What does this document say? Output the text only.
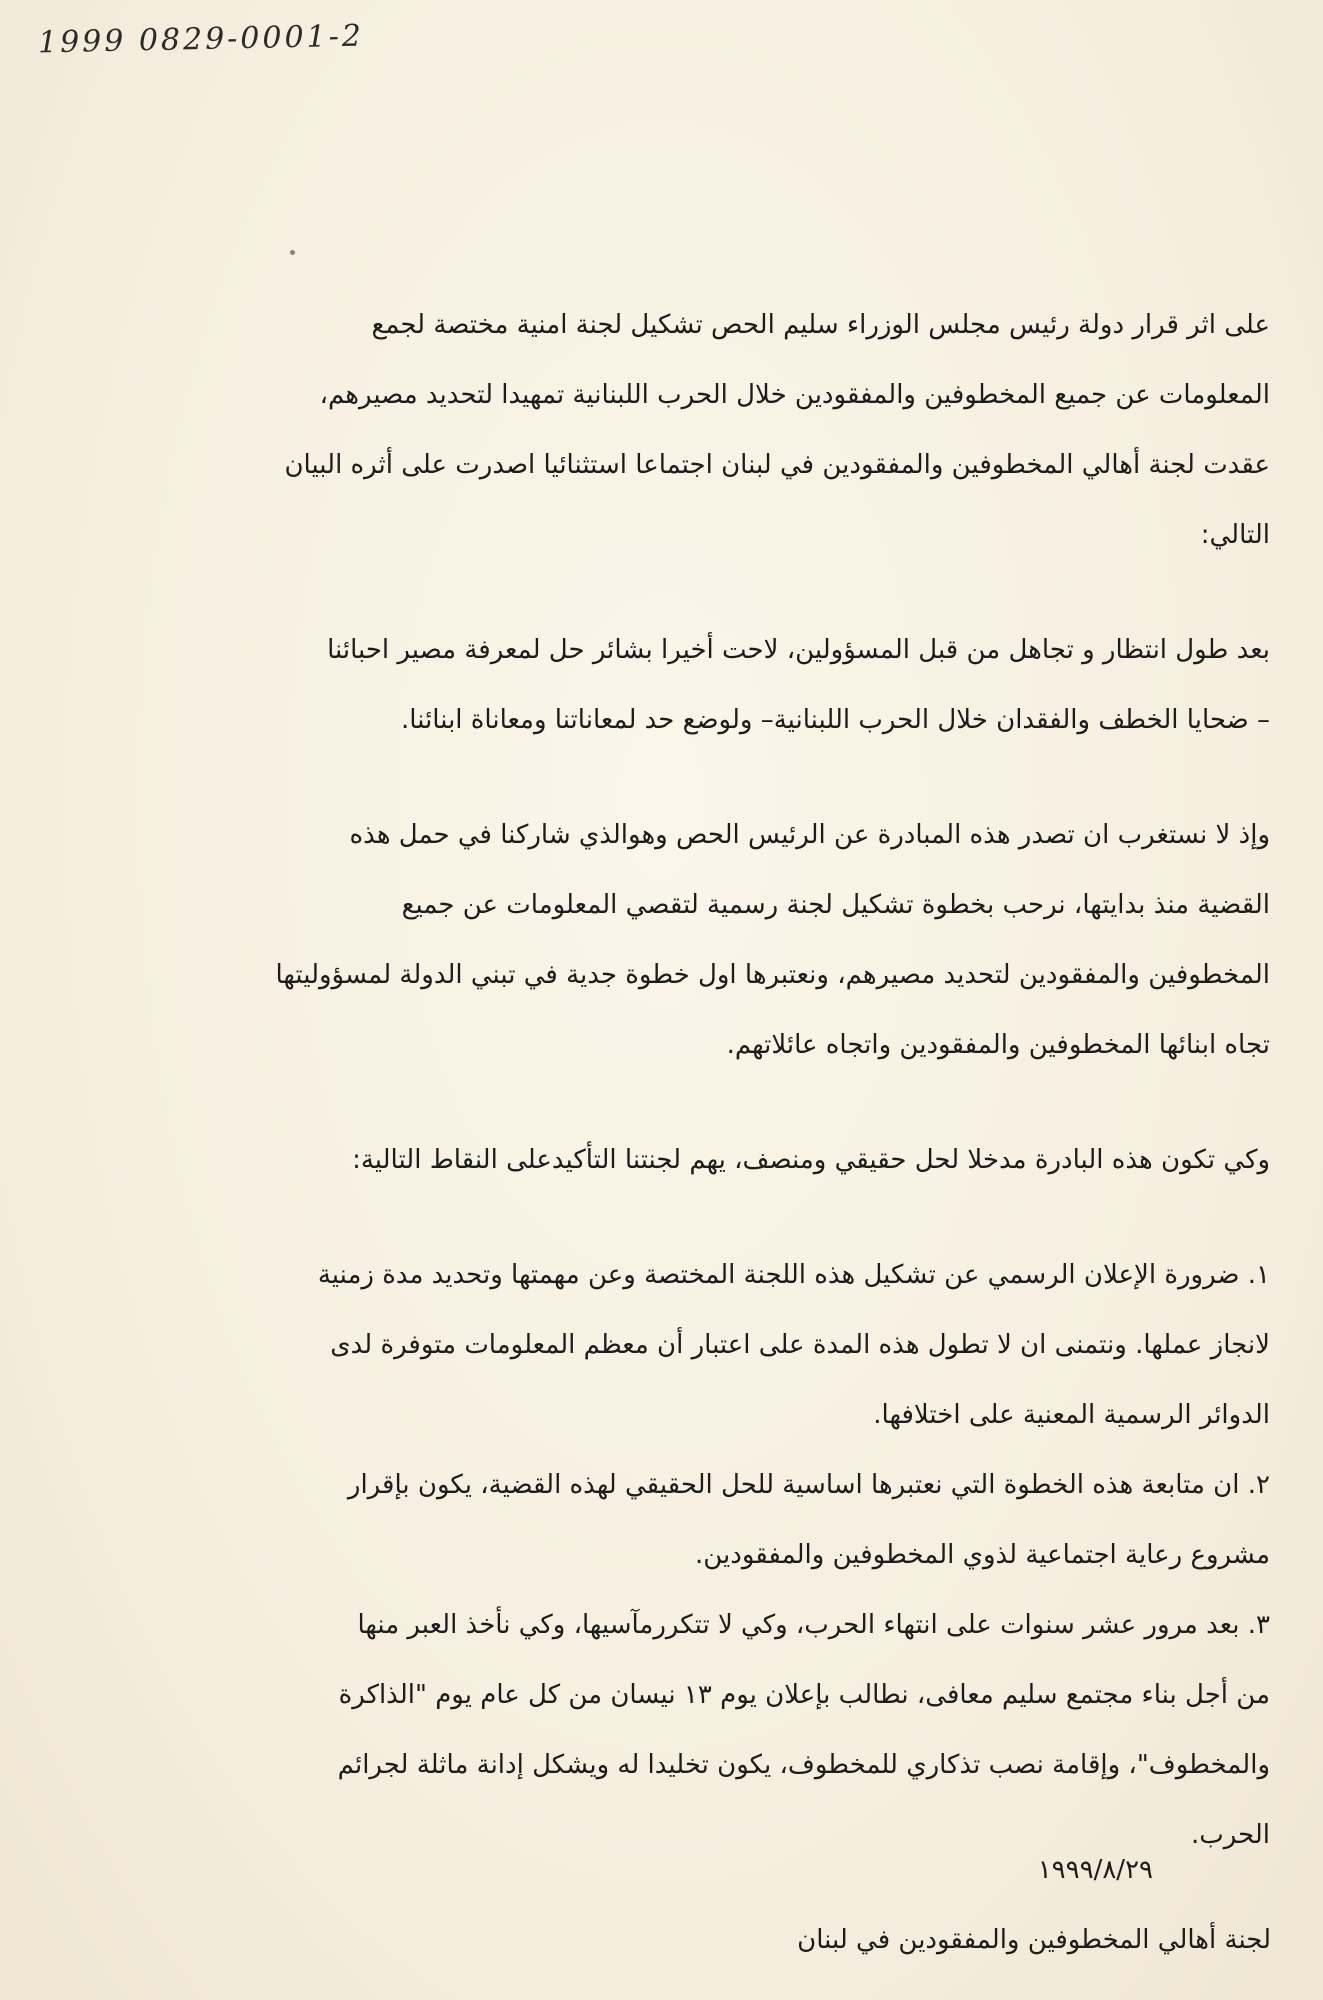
1999 0829-0001-2
على اثر قرار دولة رئيس مجلس الوزراء سليم الحص تشكيل لجنة امنية مختصة لجمع
المعلومات عن جميع المخطوفين والمفقودين خلال الحرب اللبنانية تمهيدا لتحديد مصيرهم،
عقدت لجنة أهالي المخطوفين والمفقودين في لبنان اجتماعا استثنائيا اصدرت على أثره البيان
التالي:
بعد طول انتظار و تجاهل من قبل المسؤولين، لاحت أخيرا بشائر حل لمعرفة مصير احبائنا
– ضحايا الخطف والفقدان خلال الحرب اللبنانية– ولوضع حد لمعاناتنا ومعاناة ابنائنا.
وإذ لا نستغرب ان تصدر هذه المبادرة عن الرئيس الحص وهوالذي شاركنا في حمل هذه
القضية منذ بدايتها، نرحب بخطوة تشكيل لجنة رسمية لتقصي المعلومات عن جميع
المخطوفين والمفقودين لتحديد مصيرهم، ونعتبرها اول خطوة جدية في تبني الدولة لمسؤوليتها
تجاه ابنائها المخطوفين والمفقودين واتجاه عائلاتهم.
وكي تكون هذه البادرة مدخلا لحل حقيقي ومنصف، يهم لجنتنا التأكيدعلى النقاط التالية:
١. ضرورة الإعلان الرسمي عن تشكيل هذه اللجنة المختصة وعن مهمتها وتحديد مدة زمنية
لانجاز عملها. ونتمنى ان لا تطول هذه المدة على اعتبار أن معظم المعلومات متوفرة لدى
الدوائر الرسمية المعنية على اختلافها.
٢. ان متابعة هذه الخطوة التي نعتبرها اساسية للحل الحقيقي لهذه القضية، يكون بإقرار
مشروع رعاية اجتماعية لذوي المخطوفين والمفقودين.
٣. بعد مرور عشر سنوات على انتهاء الحرب، وكي لا تتكررمآسيها، وكي نأخذ العبر منها
من أجل بناء مجتمع سليم معافى، نطالب بإعلان يوم ١٣ نيسان من كل عام يوم "الذاكرة
والمخطوف"، وإقامة نصب تذكاري للمخطوف، يكون تخليدا له ويشكل إدانة ماثلة لجرائم
الحرب.
١٩٩٩/٨/٢٩
لجنة أهالي المخطوفين والمفقودين في لبنان
